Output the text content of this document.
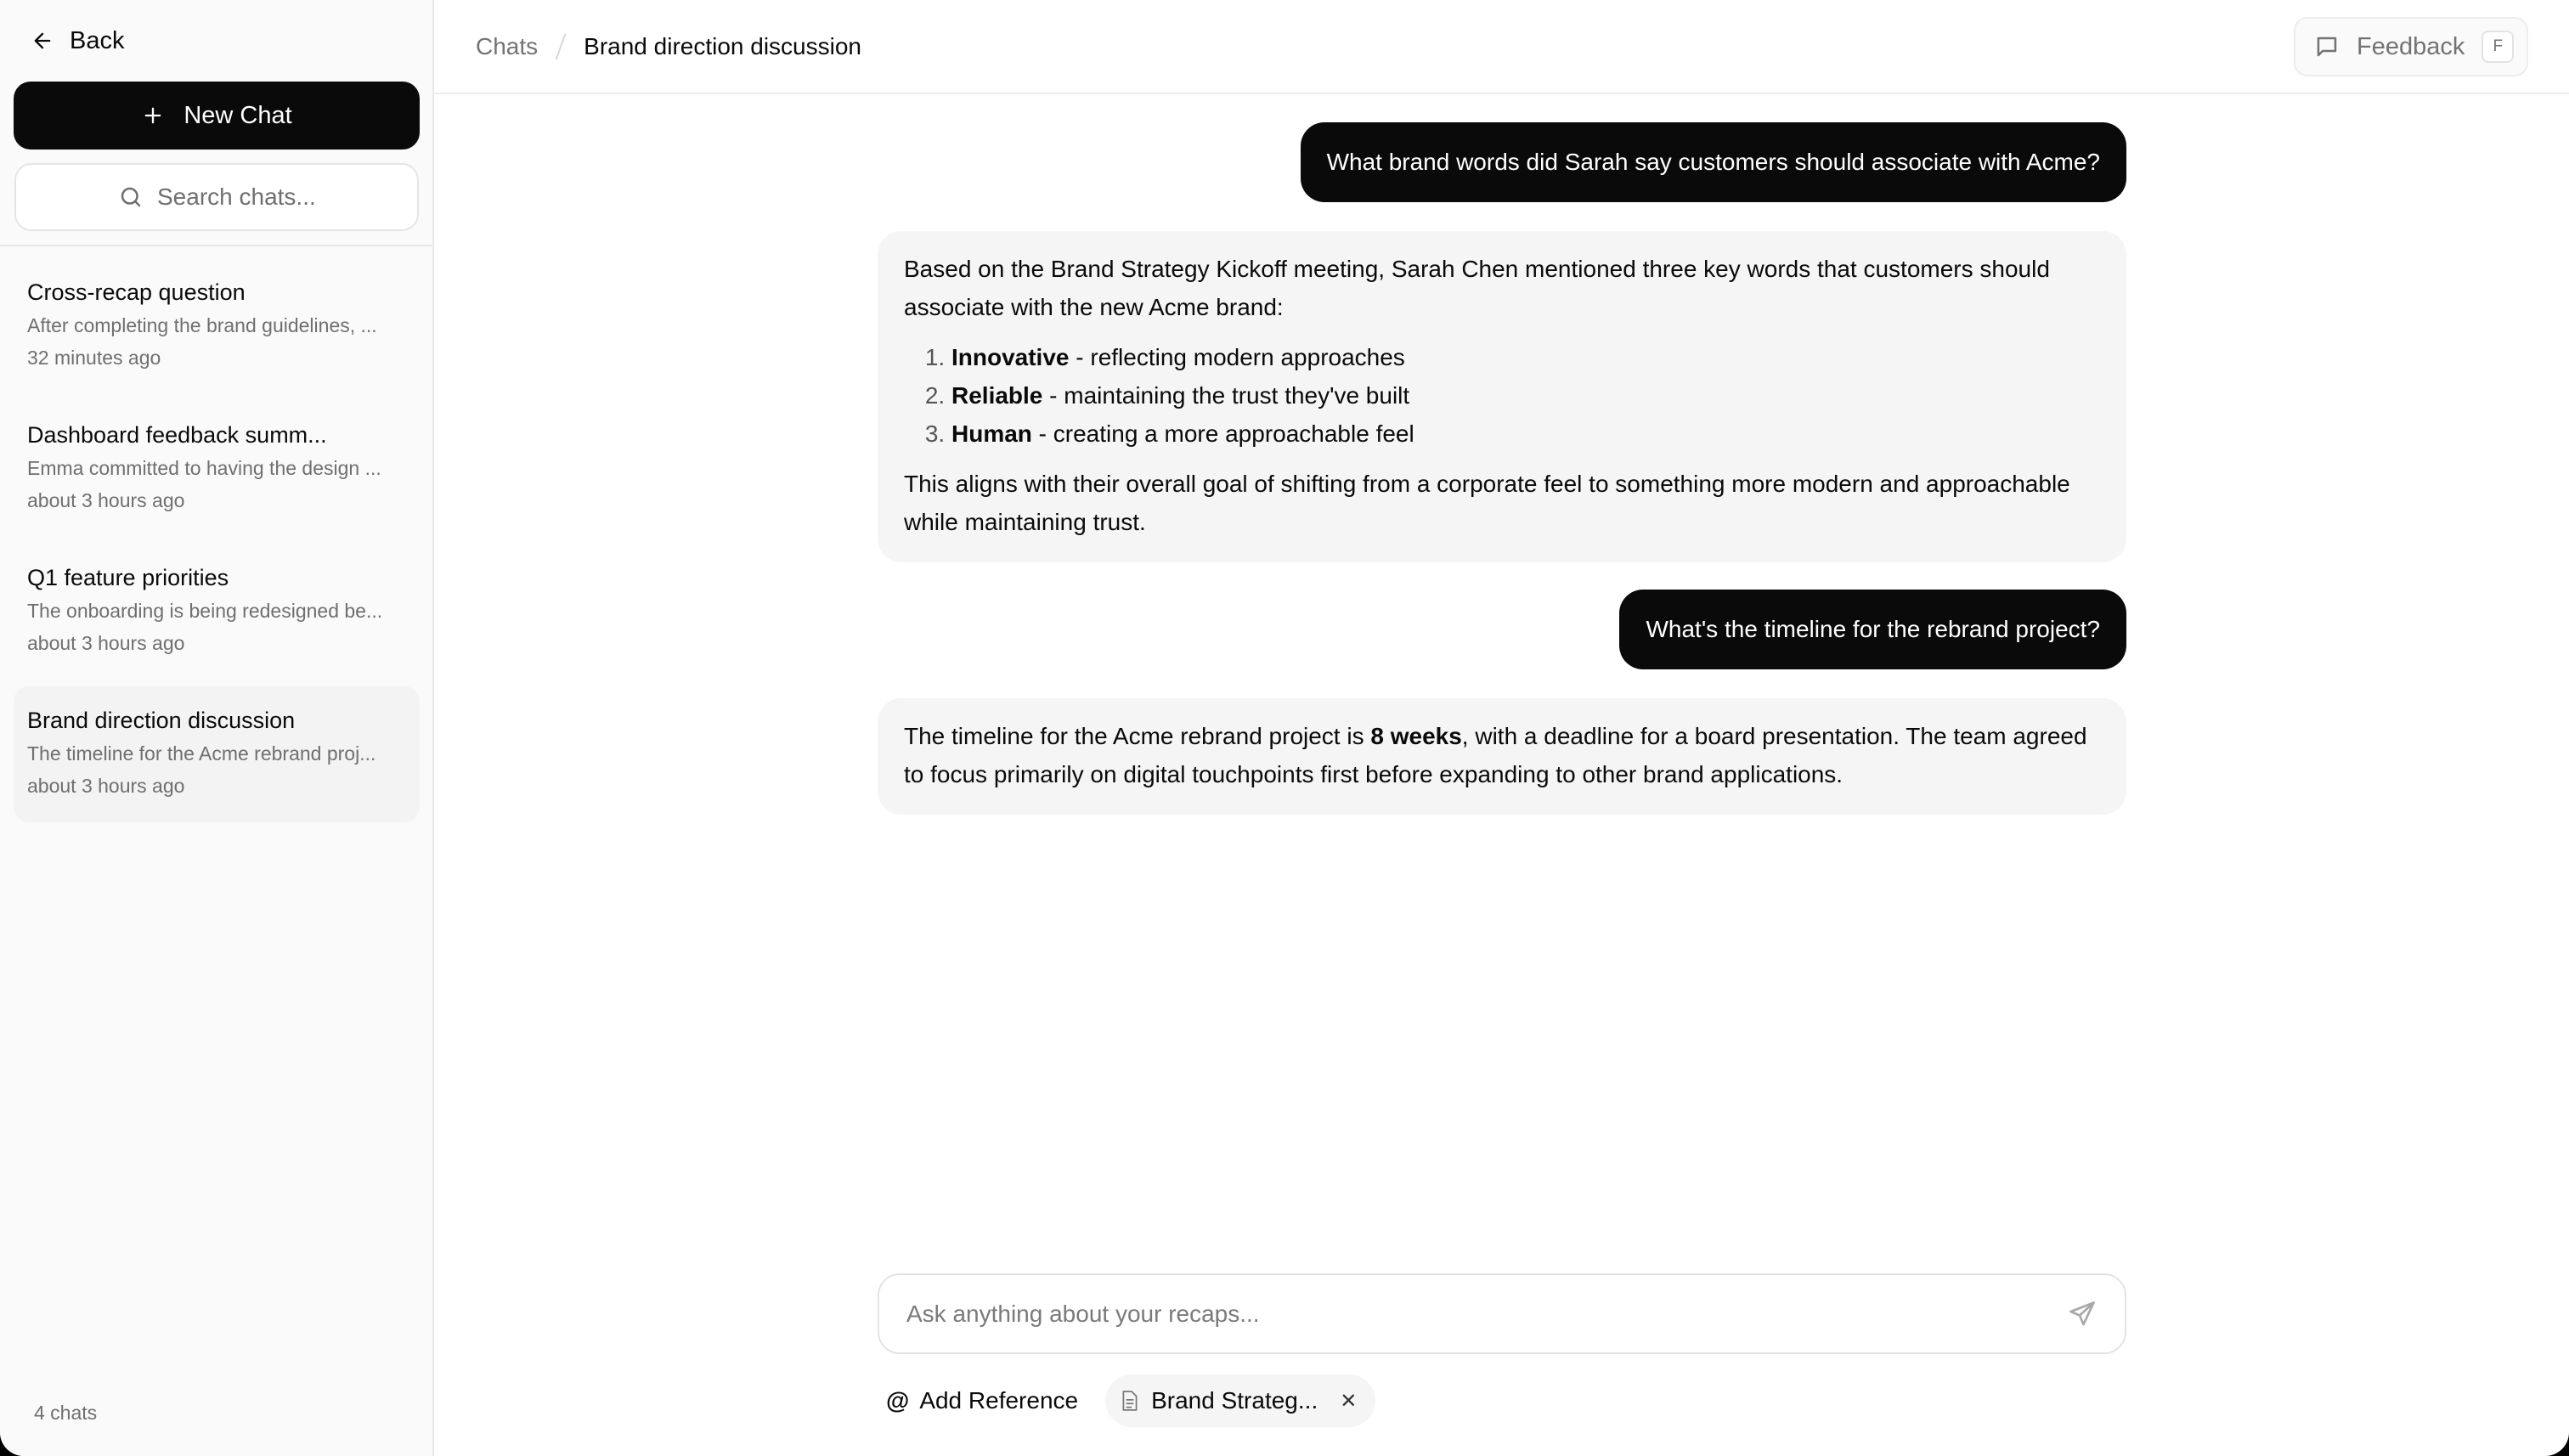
Back
New Chat
Search chats...
Cross-recap question
After completing the brand guidelines, ...
32 minutes ago
Dashboard feedback summ...
Emma committed to having the design ...
about 3 hours ago
Q1 feature priorities
The onboarding is being redesigned be...
about 3 hours ago
Brand direction discussion
The timeline for the Acme rebrand proj...
about 3 hours ago
4 chats
Chats Brand direction discussion	Feedback	F
What brand words did Sarah say customers should associate with Acme?

Based on the Brand Strategy Kickoff meeting, Sarah Chen mentioned three key words that customers should associate with the new Acme brand:

1. Innovative - reflecting modern approaches
2. Reliable - maintaining the trust they've built
3. Human - creating a more approachable feel

This aligns with their overall goal of shifting from a corporate feel to something more modern and approachable while maintaining trust.

What's the timeline for the rebrand project?

The timeline for the Acme rebrand project is 8 weeks, with a deadline for a board presentation. The team agreed to focus primarily on digital touchpoints first before expanding to other brand applications.

Ask anything about your recaps...
@ Add Reference	Brand Strateg... ✕
